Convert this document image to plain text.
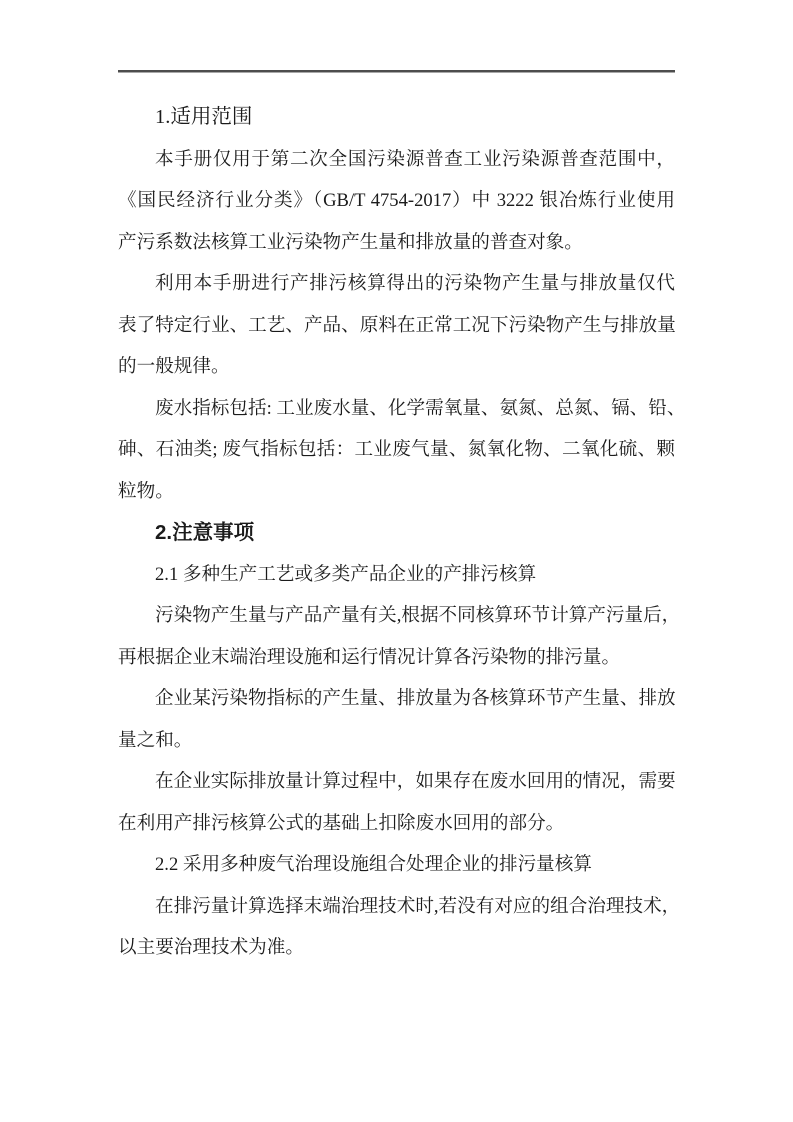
1.适用范围
本手册仅用于第二次全国污染源普查工业污染源普查范围中，
《国民经济行业分类》（GB/T 4754-2017）中 3222 银冶炼行业使用
产污系数法核算工业污染物产生量和排放量的普查对象。
利用本手册进行产排污核算得出的污染物产生量与排放量仅代
表了特定行业、工艺、产品、原料在正常工况下污染物产生与排放量
的一般规律。
废水指标包括: 工业废水量、化学需氧量、氨氮、总氮、镉、铅、
砷、石油类; 废气指标包括：工业废气量、氮氧化物、二氧化硫、颗
粒物。
2.注意事项
2.1 多种生产工艺或多类产品企业的产排污核算
污染物产生量与产品产量有关,根据不同核算环节计算产污量后，
再根据企业末端治理设施和运行情况计算各污染物的排污量。
企业某污染物指标的产生量、排放量为各核算环节产生量、排放
量之和。
在企业实际排放量计算过程中，如果存在废水回用的情况，需要
在利用产排污核算公式的基础上扣除废水回用的部分。
2.2 采用多种废气治理设施组合处理企业的排污量核算
在排污量计算选择末端治理技术时,若没有对应的组合治理技术，
以主要治理技术为准。
